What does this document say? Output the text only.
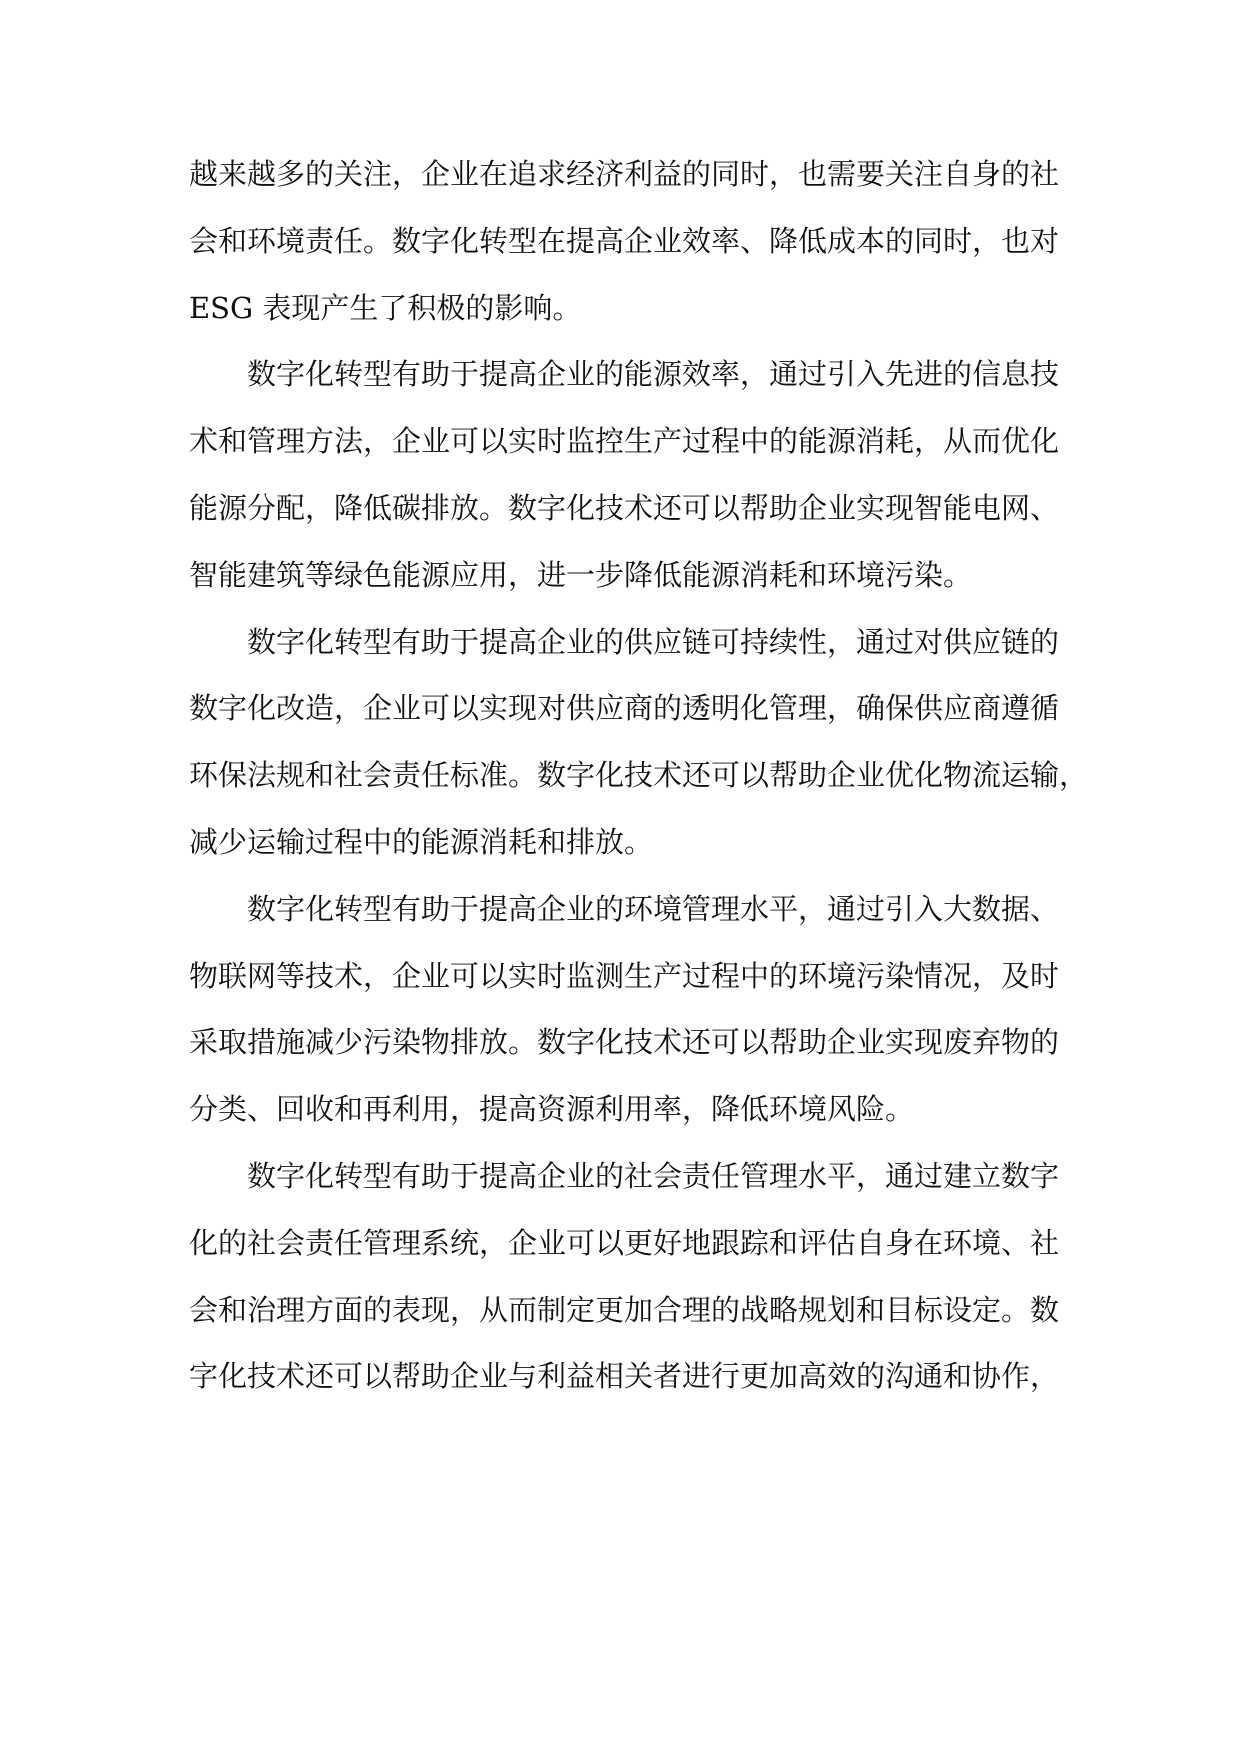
越来越多的关注，企业在追求经济利益的同时，也需要关注自身的社
会和环境责任。数字化转型在提高企业效率、降低成本的同时，也对
ESG 表现产生了积极的影响。
数字化转型有助于提高企业的能源效率，通过引入先进的信息技
术和管理方法，企业可以实时监控生产过程中的能源消耗，从而优化
能源分配，降低碳排放。数字化技术还可以帮助企业实现智能电网、
智能建筑等绿色能源应用，进一步降低能源消耗和环境污染。
数字化转型有助于提高企业的供应链可持续性，通过对供应链的
数字化改造，企业可以实现对供应商的透明化管理，确保供应商遵循
环保法规和社会责任标准。数字化技术还可以帮助企业优化物流运输，
减少运输过程中的能源消耗和排放。
数字化转型有助于提高企业的环境管理水平，通过引入大数据、
物联网等技术，企业可以实时监测生产过程中的环境污染情况，及时
采取措施减少污染物排放。数字化技术还可以帮助企业实现废弃物的
分类、回收和再利用，提高资源利用率，降低环境风险。
数字化转型有助于提高企业的社会责任管理水平，通过建立数字
化的社会责任管理系统，企业可以更好地跟踪和评估自身在环境、社
会和治理方面的表现，从而制定更加合理的战略规划和目标设定。数
字化技术还可以帮助企业与利益相关者进行更加高效的沟通和协作，
